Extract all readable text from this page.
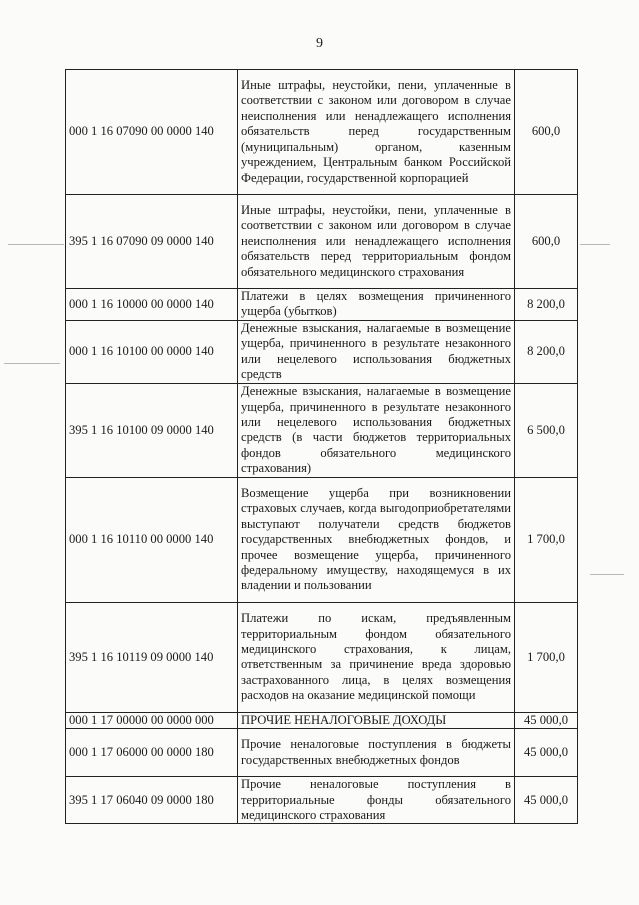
9
000 1 16 07090 00 0000 140	Иные штрафы, неустойки, пени, уплаченные в соответствии с законом или договором в случае неисполнения или ненадлежащего исполнения обязательств перед государственным (муниципальным) органом, казенным учреждением, Центральным банком Российской Федерации, государственной корпорацией	600,0
395 1 16 07090 09 0000 140	Иные штрафы, неустойки, пени, уплаченные в соответствии с законом или договором в случае неисполнения или ненадлежащего исполнения обязательств перед территориальным фондом обязательного медицинского страхования	600,0
000 1 16 10000 00 0000 140	Платежи в целях возмещения причиненного ущерба (убытков)	8 200,0
000 1 16 10100 00 0000 140	Денежные взыскания, налагаемые в возмещение ущерба, причиненного в результате незаконного или нецелевого использования бюджетных средств	8 200,0
395 1 16 10100 09 0000 140	Денежные взыскания, налагаемые в возмещение ущерба, причиненного в результате незаконного или нецелевого использования бюджетных средств (в части бюджетов территориальных фондов обязательного медицинского страхования)	6 500,0
000 1 16 10110 00 0000 140	Возмещение ущерба при возникновении страховых случаев, когда выгодоприобретателями выступают получатели средств бюджетов государственных внебюджетных фондов, и прочее возмещение ущерба, причиненного федеральному имуществу, находящемуся в их владении и пользовании	1 700,0
395 1 16 10119 09 0000 140	Платежи по искам, предъявленным территориальным фондом обязательного медицинского страхования, к лицам, ответственным за причинение вреда здоровью застрахованного лица, в целях возмещения расходов на оказание медицинской помощи	1 700,0
000 1 17 00000 00 0000 000	ПРОЧИЕ НЕНАЛОГОВЫЕ ДОХОДЫ	45 000,0
000 1 17 06000 00 0000 180	Прочие неналоговые поступления в бюджеты государственных внебюджетных фондов	45 000,0
395 1 17 06040 09 0000 180	Прочие неналоговые поступления в территориальные фонды обязательного медицинского страхования	45 000,0
